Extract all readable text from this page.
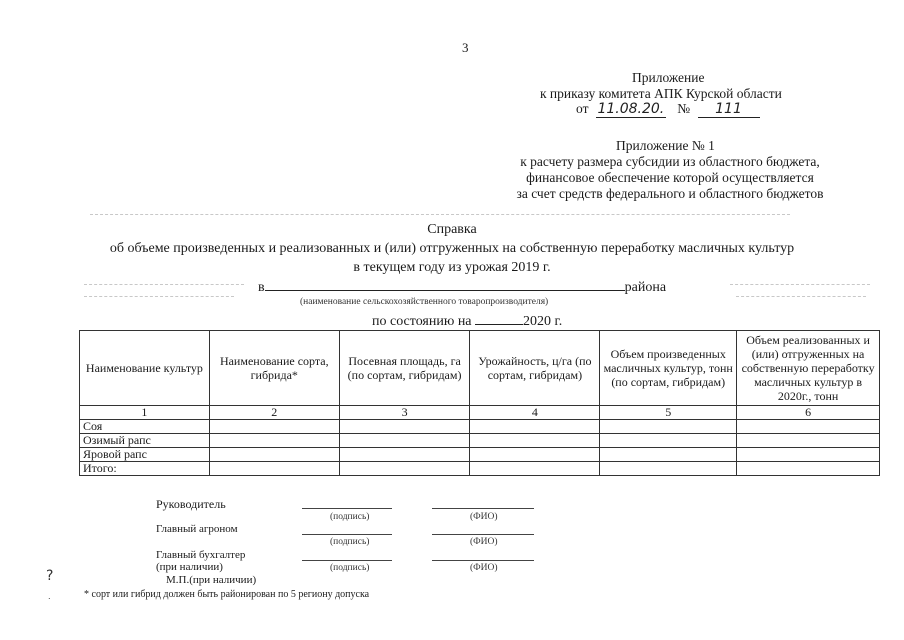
3
Приложение
к приказу комитета АПК Курской области
от 11.08.20. № 111
Приложение № 1
к расчету размера субсидии из областного бюджета,
финансовое обеспечение которой осуществляется
за счет средств федерального и областного бюджетов
Справка
об объеме произведенных и реализованных и (или) отгруженных на собственную переработку масличных культур
в текущем году из урожая 2019 г.
в	района
(наименование сельскохозяйственного товаропроизводителя)
по состоянию на	2020 г.
Наименование культур	Наименование сорта, гибрида*	Посевная площадь, га (по сортам, гибридам)	Урожайность, ц/га (по сортам, гибридам)	Объем произведенных масличных культур, тонн (по сортам, гибридам)	Объем реализованных и (или) отгруженных на собственную переработку масличных культур в 2020г., тонн
1	2	3	4	5	6
Соя					
Озимый рапс					
Яровой рапс					
Итого:					
Руководитель
(подпись)	(ФИО)
Главный агроном
(подпись)	(ФИО)
Главный бухгалтер
(при наличии)	(подпись)	(ФИО)
М.П.(при наличии)
* сорт или гибрид должен быть районирован по 5 региону допуска
?
.
